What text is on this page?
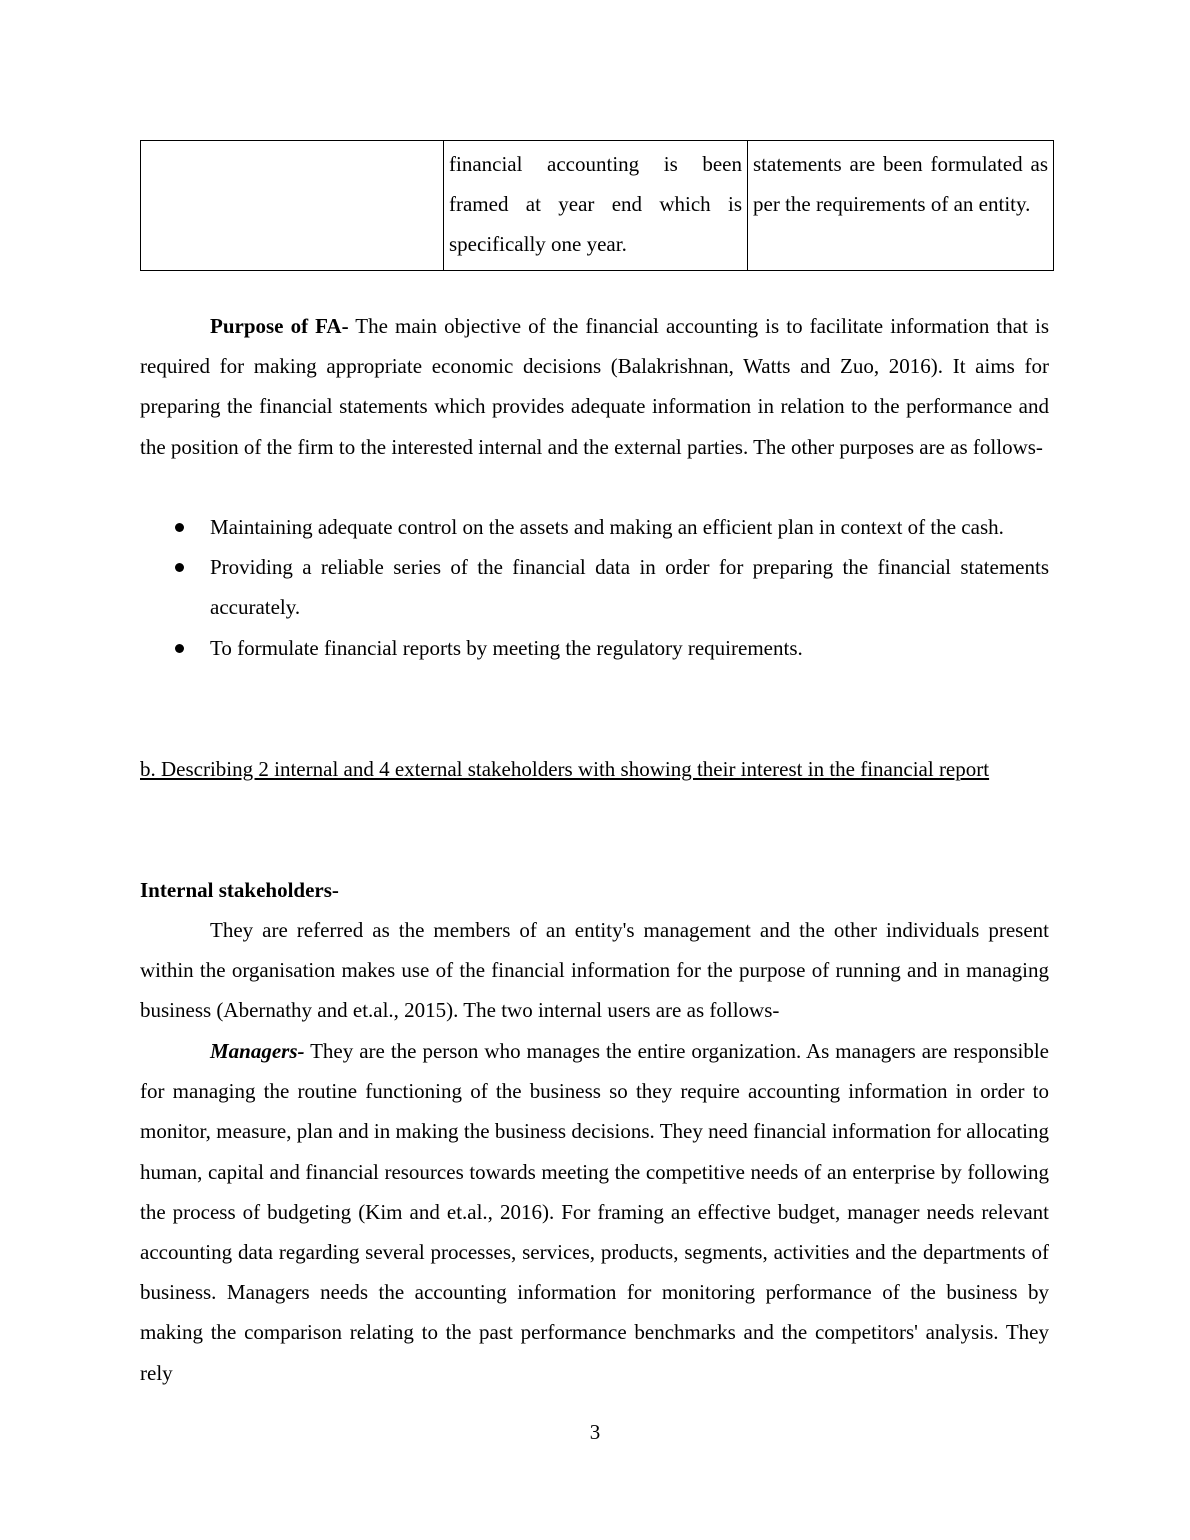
	financial accounting is been framed at year end which is specifically one year.	statements are been formulated as per the requirements of an entity.

Purpose of FA- The main objective of the financial accounting is to facilitate information that is required for making appropriate economic decisions (Balakrishnan, Watts and Zuo, 2016). It aims for preparing the financial statements which provides adequate information in relation to the performance and the position of the firm to the interested internal and the external parties. The other purposes are as follows-

Maintaining adequate control on the assets and making an efficient plan in context of the cash.
Providing a reliable series of the financial data in order for preparing the financial statements accurately.
To formulate financial reports by meeting the regulatory requirements.
b. Describing 2 internal and 4 external stakeholders with showing their interest in the financial report
Internal stakeholders-

They are referred as the members of an entity's management and the other individuals present within the organisation makes use of the financial information for the purpose of running and in managing business (Abernathy and et.al., 2015). The two internal users are as follows-

Managers- They are the person who manages the entire organization. As managers are responsible for managing the routine functioning of the business so they require accounting information in order to monitor, measure, plan and in making the business decisions. They need financial information for allocating human, capital and financial resources towards meeting the competitive needs of an enterprise by following the process of budgeting (Kim and et.al., 2016). For framing an effective budget, manager needs relevant accounting data regarding several processes, services, products, segments, activities and the departments of business. Managers needs the accounting information for monitoring performance of the business by making the comparison relating to the past performance benchmarks and the competitors' analysis. They rely

3
